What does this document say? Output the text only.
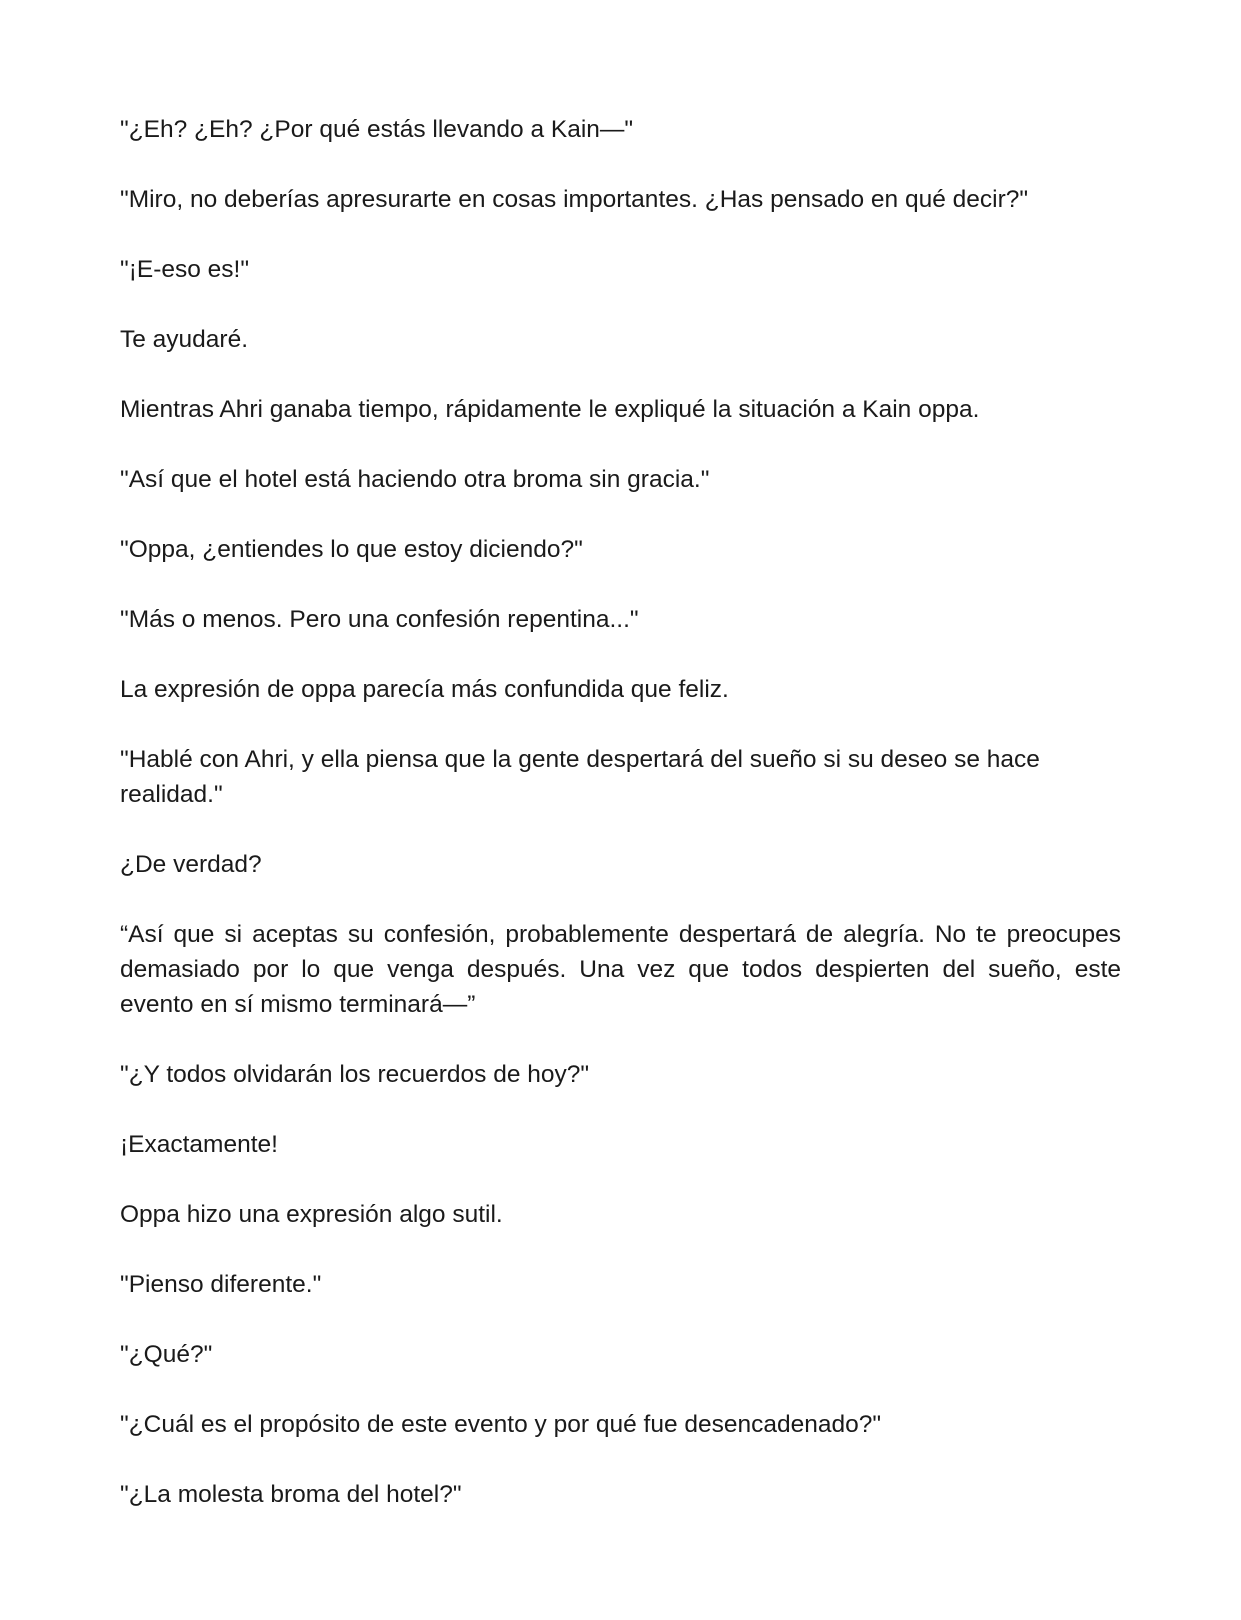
"¿Eh? ¿Eh? ¿Por qué estás llevando a Kain—"

"Miro, no deberías apresurarte en cosas importantes. ¿Has pensado en qué decir?"

"¡E-eso es!"

Te ayudaré.

Mientras Ahri ganaba tiempo, rápidamente le expliqué la situación a Kain oppa.

"Así que el hotel está haciendo otra broma sin gracia."

"Oppa, ¿entiendes lo que estoy diciendo?"

"Más o menos. Pero una confesión repentina..."

La expresión de oppa parecía más confundida que feliz.

"Hablé con Ahri, y ella piensa que la gente despertará del sueño si su deseo se hace realidad."

¿De verdad?

“Así que si aceptas su confesión, probablemente despertará de alegría. No te preocupes demasiado por lo que venga después. Una vez que todos despierten del sueño, este evento en sí mismo terminará—”

"¿Y todos olvidarán los recuerdos de hoy?"

¡Exactamente!

Oppa hizo una expresión algo sutil.

"Pienso diferente."

"¿Qué?"

"¿Cuál es el propósito de este evento y por qué fue desencadenado?"

"¿La molesta broma del hotel?"
